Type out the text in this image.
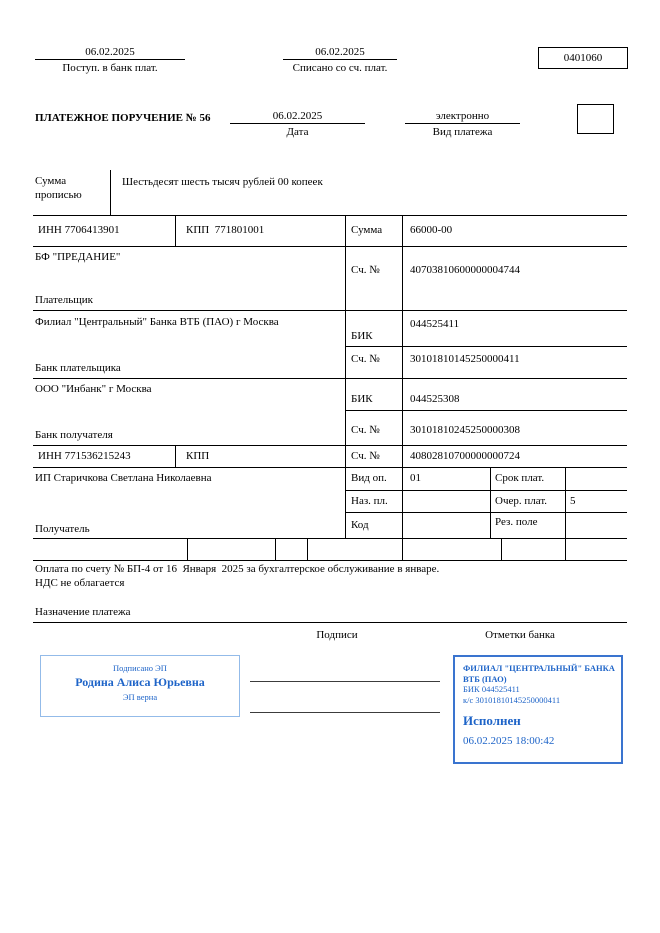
06.02.2025
Поступ. в банк плат.
06.02.2025
Списано со сч. плат.
0401060
ПЛАТЕЖНОЕ ПОРУЧЕНИЕ № 56	06.02.2025
Дата
электронно
Вид платежа
Сумма прописью
Шестьдесят шесть тысяч рублей 00 копеек
ИНН 7706413901	КПП  771801001	Сумма	66000-00
БФ "ПРЕДАНИЕ"
Плательщик
Сч. №	40703810600000004744
Филиал "Центральный" Банка ВТБ (ПАО) г Москва
Банк плательщика
БИК
044525411
Сч. №	30101810145250000411
ООО "Инбанк" г Москва
Банк получателя
БИК	044525308
Сч. №	30101810245250000308
ИНН 771536215243	КПП	Сч. №	40802810700000000724
ИП Старичкова Светлана Николаевна
Получатель
Вид оп. 01	Срок плат.
Наз. пл.	Очер. плат. 5
Код	Рез. поле
Оплата по счету № БП-4 от 16  Января  2025 за бухгалтерское обслуживание в январе.
НДС не облагается
Назначение платежа
Подписи	Отметки банка
Подписано ЭП
Родина Алиса Юрьевна
ЭП верна
ФИЛИАЛ "ЦЕНТРАЛЬНЫЙ" БАНКА
ВТБ (ПАО)
БИК 044525411
к/с 30101810145250000411
Исполнен
06.02.2025 18:00:42
